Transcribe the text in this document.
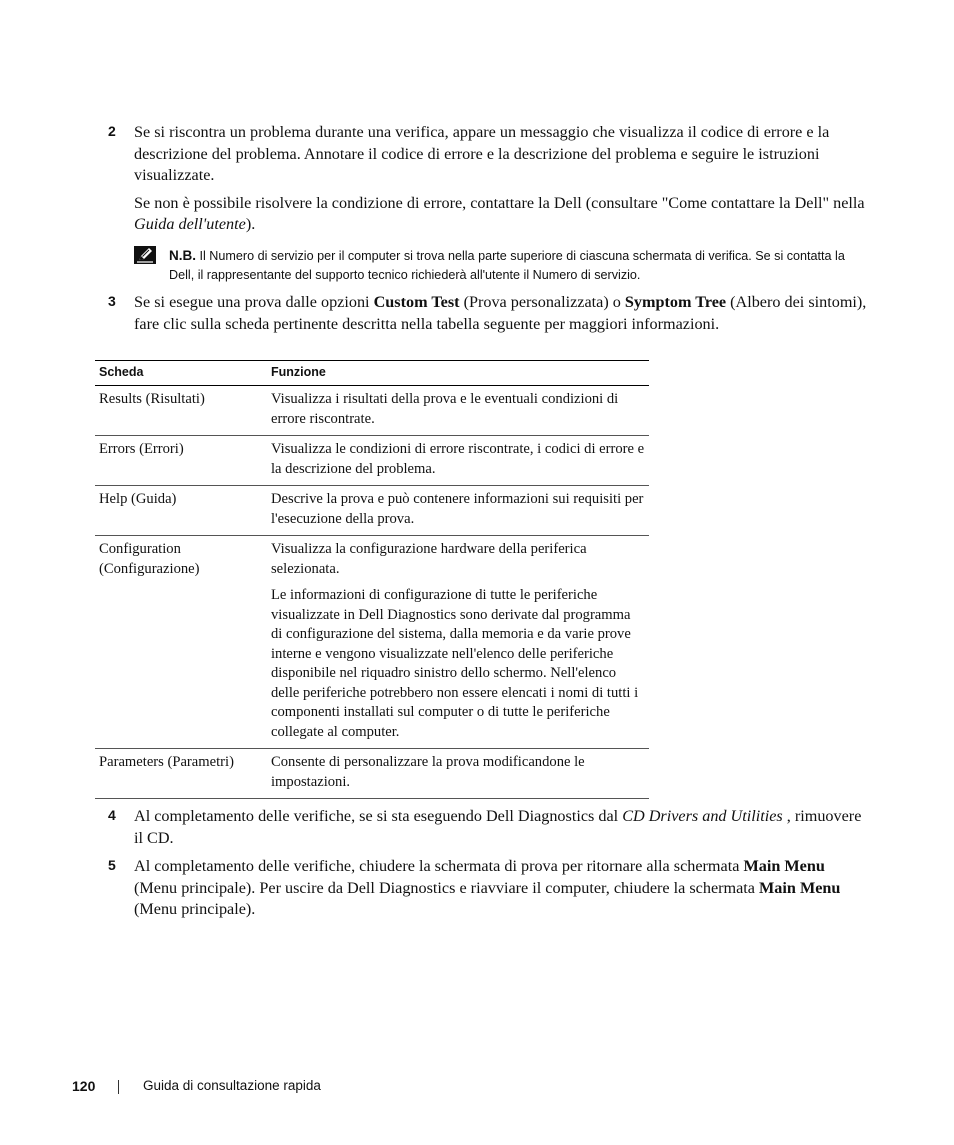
2 Se si riscontra un problema durante una verifica, appare un messaggio che visualizza il codice di errore e la descrizione del problema. Annotare il codice di errore e la descrizione del problema e seguire le istruzioni visualizzate.

Se non è possibile risolvere la condizione di errore, contattare la Dell (consultare "Come contattare la Dell" nella Guida dell'utente).

N.B. Il Numero di servizio per il computer si trova nella parte superiore di ciascuna schermata di verifica. Se si contatta la Dell, il rappresentante del supporto tecnico richiederà all'utente il Numero di servizio.
3 Se si esegue una prova dalle opzioni Custom Test (Prova personalizzata) o Symptom Tree (Albero dei sintomi), fare clic sulla scheda pertinente descritta nella tabella seguente per maggiori informazioni.

Scheda	Funzione
Results (Risultati)	Visualizza i risultati della prova e le eventuali condizioni di errore riscontrate.

Errors (Errori)	Visualizza le condizioni di errore riscontrate, i codici di errore e la descrizione del problema.

Help (Guida)	Descrive la prova e può contenere informazioni sui requisiti per l'esecuzione della prova.

Configuration (Configurazione)	Visualizza la configurazione hardware della periferica selezionata.

Le informazioni di configurazione di tutte le periferiche visualizzate in Dell Diagnostics sono derivate dal programma di configurazione del sistema, dalla memoria e da varie prove interne e vengono visualizzate nell'elenco delle periferiche disponibile nel riquadro sinistro dello schermo. Nell'elenco delle periferiche potrebbero non essere elencati i nomi di tutti i componenti installati sul computer o di tutte le periferiche collegate al computer.

Parameters (Parametri)	Consente di personalizzare la prova modificandone le impostazioni.

4 Al completamento delle verifiche, se si sta eseguendo Dell Diagnostics dal CD Drivers and Utilities , rimuovere il CD.

5 Al completamento delle verifiche, chiudere la schermata di prova per ritornare alla schermata Main Menu (Menu principale). Per uscire da Dell Diagnostics e riavviare il computer, chiudere la schermata Main Menu (Menu principale).

120	Guida di consultazione rapida
